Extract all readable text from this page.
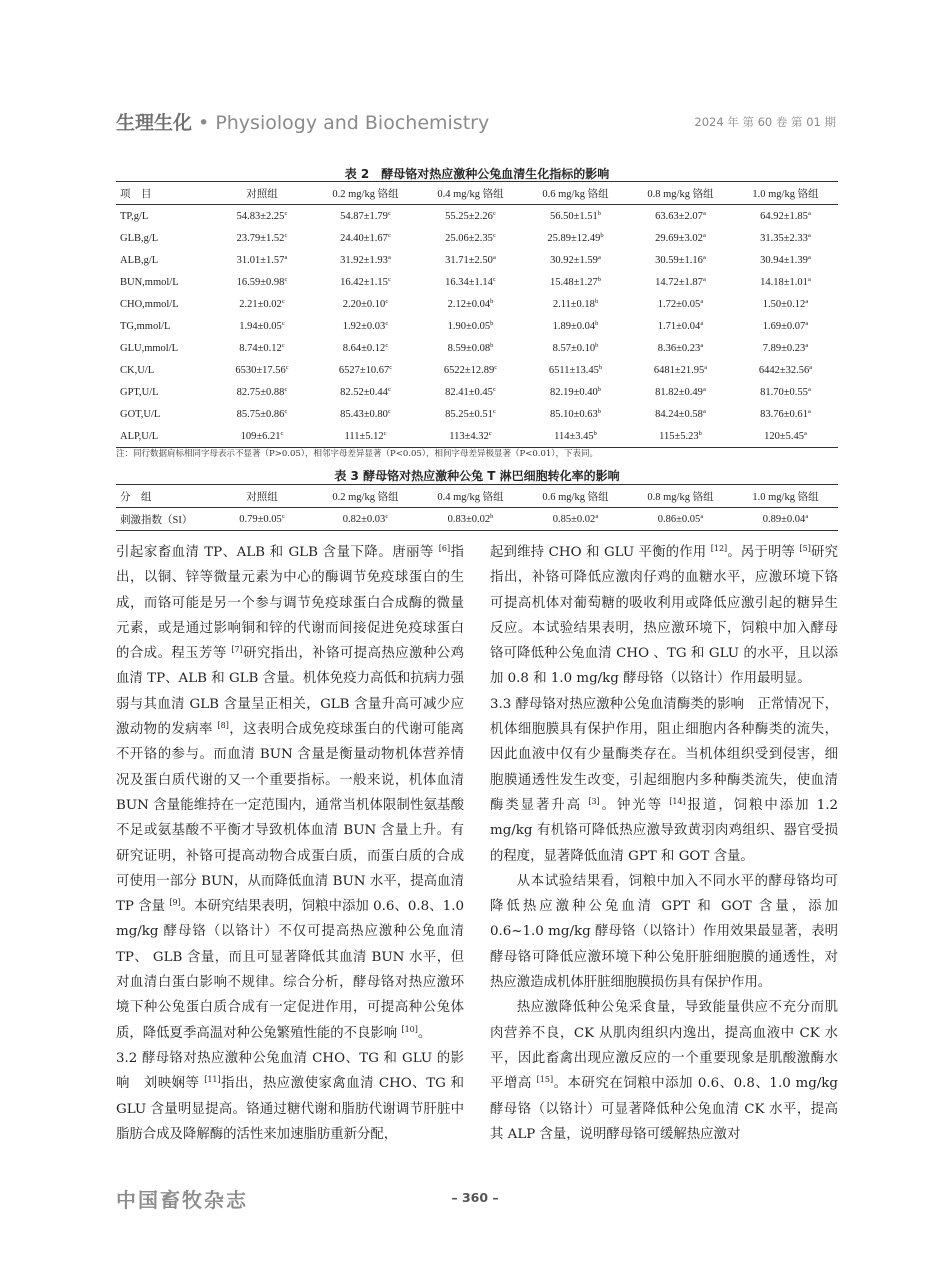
生理生化 • Physiology and Biochemistry	2024 年 第 60 卷 第 01 期
表 2　酵母铬对热应激种公兔血清生化指标的影响
项　目	对照组	0.2 mg/kg 铬组	0.4 mg/kg 铬组	0.6 mg/kg 铬组	0.8 mg/kg 铬组	1.0 mg/kg 铬组
TP,g/L	54.83±2.25$^c$	54.87±1.79$^c$	55.25±2.26$^c$	56.50±1.51$^b$	63.63±2.07$^a$	64.92±1.85$^a$
GLB,g/L	23.79±1.52$^c$	24.40±1.67$^c$	25.06±2.35$^c$	25.89±12.49$^b$	29.69±3.02$^a$	31.35±2.33$^a$
ALB,g/L	31.01±1.57$^a$	31.92±1.93$^a$	31.71±2.50$^a$	30.92±1.59$^a$	30.59±1.16$^a$	30.94±1.39$^a$
BUN,mmol/L	16.59±0.98$^c$	16.42±1.15$^c$	16.34±1.14$^c$	15.48±1.27$^b$	14.72±1.87$^a$	14.18±1.01$^a$
CHO,mmol/L	2.21±0.02$^c$	2.20±0.10$^c$	2.12±0.04$^b$	2.11±0.18$^b$	1.72±0.05$^a$	1.50±0.12$^a$
TG,mmol/L	1.94±0.05$^c$	1.92±0.03$^c$	1.90±0.05$^b$	1.89±0.04$^b$	1.71±0.04$^a$	1.69±0.07$^a$
GLU,mmol/L	8.74±0.12$^c$	8.64±0.12$^c$	8.59±0.08$^b$	8.57±0.10$^b$	8.36±0.23$^a$	7.89±0.23$^a$
CK,U/L	6530±17.56$^c$	6527±10.67$^c$	6522±12.89$^c$	6511±13.45$^b$	6481±21.95$^a$	6442±32.56$^a$
GPT,U/L	82.75±0.88$^c$	82.52±0.44$^c$	82.41±0.45$^c$	82.19±0.40$^b$	81.82±0.49$^a$	81.70±0.55$^a$
GOT,U/L	85.75±0.86$^c$	85.43±0.80$^c$	85.25±0.51$^c$	85.10±0.63$^b$	84.24±0.58$^a$	83.76±0.61$^a$
ALP,U/L	109±6.21$^c$	111±5.12$^c$	113±4.32$^c$	114±3.45$^b$	115±5.23$^b$	120±5.45$^a$
注：同行数据肩标相同字母表示不显著（P>0.05），相邻字母差异显著（P<0.05），相间字母差异极显著（P<0.01），下表同。
表 3 酵母铬对热应激种公兔 T 淋巴细胞转化率的影响
分　组	对照组	0.2 mg/kg 铬组	0.4 mg/kg 铬组	0.6 mg/kg 铬组	0.8 mg/kg 铬组	1.0 mg/kg 铬组
刺激指数（SI）	0.79±0.05$^c$	0.82±0.03$^c$	0.83±0.02$^b$	0.85±0.02$^a$	0.86±0.05$^a$	0.89±0.04$^a$

引起家畜血清 TP、ALB 和 GLB 含量下降。唐丽等 [6]指出，以铜、锌等微量元素为中心的酶调节免疫球蛋白的生成，而铬可能是另一个参与调节免疫球蛋白合成酶的微量元素，或是通过影响铜和锌的代谢而间接促进免疫球蛋白的合成。程玉芳等 [7]研究指出，补铬可提高热应激种公鸡血清 TP、ALB 和 GLB 含量。机体免疫力高低和抗病力强弱与其血清 GLB 含量呈正相关，GLB 含量升高可减少应激动物的发病率 [8]，这表明合成免疫球蛋白的代谢可能离不开铬的参与。而血清 BUN 含量是衡量动物机体营养情况及蛋白质代谢的又一个重要指标。一般来说，机体血清 BUN 含量能维持在一定范围内，通常当机体限制性氨基酸不足或氨基酸不平衡才导致机体血清 BUN 含量上升。有研究证明，补铬可提高动物合成蛋白质，而蛋白质的合成可使用一部分 BUN，从而降低血清 BUN 水平，提高血清 TP 含量 [9]。本研究结果表明，饲粮中添加 0.6、0.8、1.0 mg/kg 酵母铬（以铬计）不仅可提高热应激种公兔血清 TP、 GLB 含量，而且可显著降低其血清 BUN 水平，但对血清白蛋白影响不规律。综合分析，酵母铬对热应激环境下种公兔蛋白质合成有一定促进作用，可提高种公兔体质，降低夏季高温对种公兔繁殖性能的不良影响 [10]。

3.2 酵母铬对热应激种公兔血清 CHO、TG 和 GLU 的影响　刘映娴等 [11]指出，热应激使家禽血清 CHO、TG 和 GLU 含量明显提高。铬通过糖代谢和脂肪代谢调节肝脏中脂肪合成及降解酶的活性来加速脂肪重新分配，

起到维持 CHO 和 GLU 平衡的作用 [12]。呙于明等 [5]研究指出，补铬可降低应激肉仔鸡的血糖水平，应激环境下铬可提高机体对葡萄糖的吸收利用或降低应激引起的糖异生反应。本试验结果表明，热应激环境下，饲粮中加入酵母铬可降低种公兔血清 CHO 、TG 和 GLU 的水平，且以添加 0.8 和 1.0 mg/kg 酵母铬（以铬计）作用最明显。

3.3 酵母铬对热应激种公兔血清酶类的影响　正常情况下，机体细胞膜具有保护作用，阻止细胞内各种酶类的流失，因此血液中仅有少量酶类存在。当机体组织受到侵害，细胞膜通透性发生改变，引起细胞内多种酶类流失，使血清酶类显著升高 [3]。钟光等 [14]报道，饲粮中添加 1.2 mg/kg 有机铬可降低热应激导致黄羽肉鸡组织、器官受损的程度，显著降低血清 GPT 和 GOT 含量。

从本试验结果看，饲粮中加入不同水平的酵母铬均可降低热应激种公兔血清 GPT 和 GOT 含量，添加 0.6~1.0 mg/kg 酵母铬（以铬计）作用效果最显著，表明酵母铬可降低应激环境下种公兔肝脏细胞膜的通透性，对热应激造成机体肝脏细胞膜损伤具有保护作用。

热应激降低种公兔采食量，导致能量供应不充分而肌肉营养不良，CK 从肌肉组织内逸出，提高血液中 CK 水平，因此畜禽出现应激反应的一个重要现象是肌酸激酶水平增高 [15]。本研究在饲粮中添加 0.6、0.8、1.0 mg/kg 酵母铬（以铬计）可显著降低种公兔血清 CK 水平，提高其 ALP 含量，说明酵母铬可缓解热应激对

中国畜牧杂志	– 360 –
